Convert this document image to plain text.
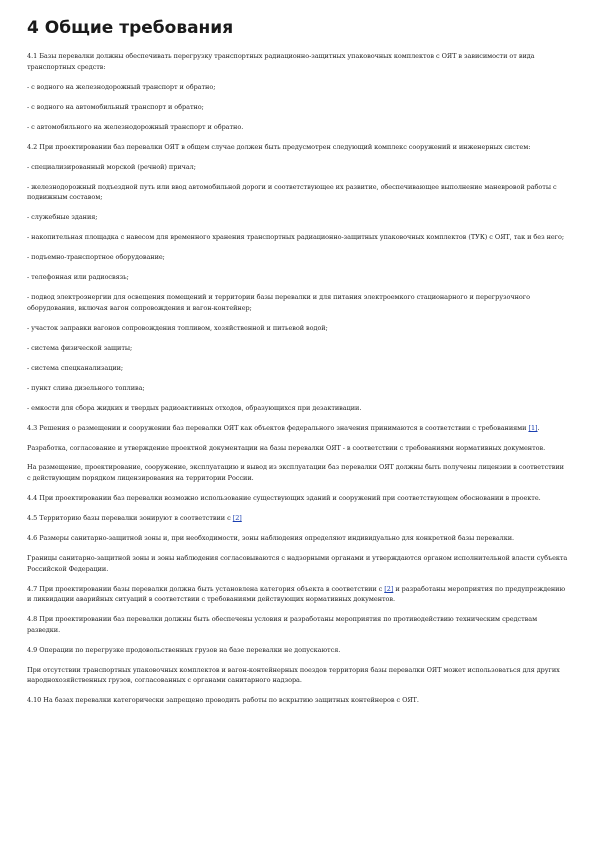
4 Общие требования

4.1 Базы перевалки должны обеспечивать перегрузку транспортных радиационно-защитных упаковочных комплектов с ОЯТ в зависимости от вида транспортных средств:

- с водного на железнодорожный транспорт и обратно;

- с водного на автомобильный транспорт и обратно;

- с автомобильного на железнодорожный транспорт и обратно.

4.2 При проектировании баз перевалки ОЯТ в общем случае должен быть предусмотрен следующий комплекс сооружений и инженерных систем:

- специализированный морской (речной) причал;

- железнодорожный подъездной путь или ввод автомобильной дороги и соответствующее их развитие, обеспечивающее выполнение маневровой работы с подвижным составом;

- служебные здания;

- накопительная площадка с навесом для временного хранения транспортных радиационно-защитных упаковочных комплектов (ТУК) с ОЯТ, так и без него;

- подъемно-транспортное оборудование;

- телефонная или радиосвязь;

- подвод электроэнергии для освещения помещений и территории базы перевалки и для питания электроемкого стационарного и перегрузочного оборудования, включая вагон сопровождения и вагон-контейнер;

- участок заправки вагонов сопровождения топливом, хозяйственной и питьевой водой;

- система физической защиты;

- система спецканализации;

- пункт слива дизельного топлива;

- емкости для сбора жидких и твердых радиоактивных отходов, образующихся при дезактивации.

4.3 Решения о размещении и сооружении баз перевалки ОЯТ как объектов федерального значения принимаются в соответствии с требованиями [1].

Разработка, согласование и утверждение проектной документации на базы перевалки ОЯТ - в соответствии с требованиями нормативных документов.

На размещение, проектирование, сооружение, эксплуатацию и вывод из эксплуатации баз перевалки ОЯТ должны быть получены лицензии в соответствии с действующим порядком лицензирования на территории России.

4.4 При проектировании баз перевалки возможно использование существующих зданий и сооружений при соответствующем обосновании в проекте.

4.5 Территорию базы перевалки зонируют в соответствии с [2]

4.6 Размеры санитарно-защитной зоны и, при необходимости, зоны наблюдения определяют индивидуально для конкретной базы перевалки.

Границы санитарно-защитной зоны и зоны наблюдения согласовываются с надзорными органами и утверждаются органом исполнительной власти субъекта Российской Федерации.

4.7 При проектировании базы перевалки должна быть установлена категория объекта в соответствии с [2] и разработаны мероприятия по предупреждению и ликвидации аварийных ситуаций в соответствии с требованиями действующих нормативных документов.

4.8 При проектировании баз перевалки должны быть обеспечены условия и разработаны мероприятия по противодействию техническим средствам разведки.

4.9 Операции по перегрузке продовольственных грузов на базе перевалки не допускаются.

При отсутствии транспортных упаковочных комплектов и вагон-контейнерных поездов территория базы перевалки ОЯТ может использоваться для других народнохозяйственных грузов, согласованных с органами санитарного надзора.

4.10 На базах перевалки категорически запрещено проводить работы по вскрытию защитных контейнеров с ОЯТ.
